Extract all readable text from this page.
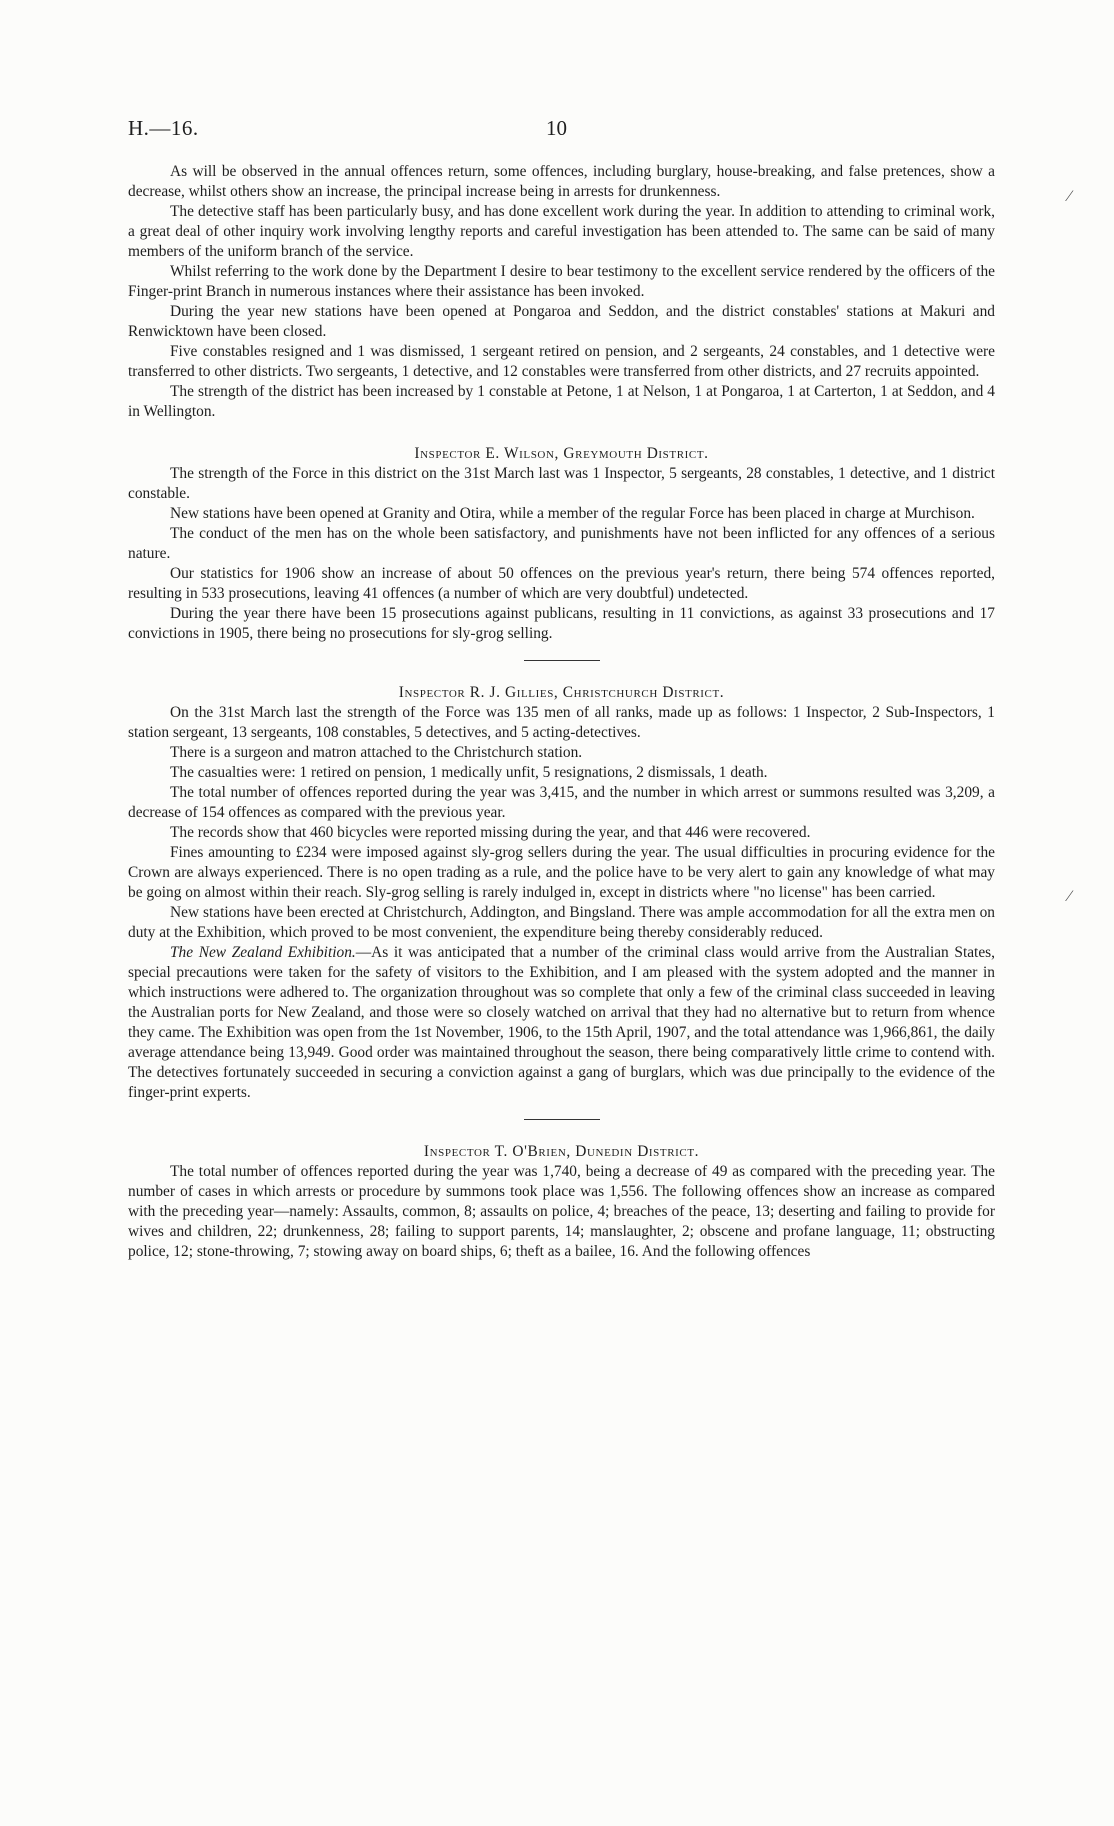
H.—16.	10

As will be observed in the annual offences return, some offences, including burglary, house-breaking, and false pretences, show a decrease, whilst others show an increase, the principal increase being in arrests for drunkenness.

The detective staff has been particularly busy, and has done excellent work during the year. In addition to attending to criminal work, a great deal of other inquiry work involving lengthy reports and careful investigation has been attended to. The same can be said of many members of the uniform branch of the service.

Whilst referring to the work done by the Department I desire to bear testimony to the excellent service rendered by the officers of the Finger-print Branch in numerous instances where their assistance has been invoked.

During the year new stations have been opened at Pongaroa and Seddon, and the district constables' stations at Makuri and Renwicktown have been closed.

Five constables resigned and 1 was dismissed, 1 sergeant retired on pension, and 2 sergeants, 24 constables, and 1 detective were transferred to other districts. Two sergeants, 1 detective, and 12 constables were transferred from other districts, and 27 recruits appointed.

The strength of the district has been increased by 1 constable at Petone, 1 at Nelson, 1 at Pongaroa, 1 at Carterton, 1 at Seddon, and 4 in Wellington.

Inspector E. Wilson, Greymouth District.

The strength of the Force in this district on the 31st March last was 1 Inspector, 5 sergeants, 28 constables, 1 detective, and 1 district constable.

New stations have been opened at Granity and Otira, while a member of the regular Force has been placed in charge at Murchison.

The conduct of the men has on the whole been satisfactory, and punishments have not been inflicted for any offences of a serious nature.

Our statistics for 1906 show an increase of about 50 offences on the previous year's return, there being 574 offences reported, resulting in 533 prosecutions, leaving 41 offences (a number of which are very doubtful) undetected.

During the year there have been 15 prosecutions against publicans, resulting in 11 convictions, as against 33 prosecutions and 17 convictions in 1905, there being no prosecutions for sly-grog selling.

Inspector R. J. Gillies, Christchurch District.

On the 31st March last the strength of the Force was 135 men of all ranks, made up as follows: 1 Inspector, 2 Sub-Inspectors, 1 station sergeant, 13 sergeants, 108 constables, 5 detectives, and 5 acting-detectives.

There is a surgeon and matron attached to the Christchurch station.

The casualties were: 1 retired on pension, 1 medically unfit, 5 resignations, 2 dismissals, 1 death.

The total number of offences reported during the year was 3,415, and the number in which arrest or summons resulted was 3,209, a decrease of 154 offences as compared with the previous year.

The records show that 460 bicycles were reported missing during the year, and that 446 were recovered.

Fines amounting to £234 were imposed against sly-grog sellers during the year. The usual difficulties in procuring evidence for the Crown are always experienced. There is no open trading as a rule, and the police have to be very alert to gain any knowledge of what may be going on almost within their reach. Sly-grog selling is rarely indulged in, except in districts where "no license" has been carried.

New stations have been erected at Christchurch, Addington, and Bingsland. There was ample accommodation for all the extra men on duty at the Exhibition, which proved to be most convenient, the expenditure being thereby considerably reduced.

The New Zealand Exhibition.—As it was anticipated that a number of the criminal class would arrive from the Australian States, special precautions were taken for the safety of visitors to the Exhibition, and I am pleased with the system adopted and the manner in which instructions were adhered to. The organization throughout was so complete that only a few of the criminal class succeeded in leaving the Australian ports for New Zealand, and those were so closely watched on arrival that they had no alternative but to return from whence they came. The Exhibition was open from the 1st November, 1906, to the 15th April, 1907, and the total attendance was 1,966,861, the daily average attendance being 13,949. Good order was maintained throughout the season, there being comparatively little crime to contend with. The detectives fortunately succeeded in securing a conviction against a gang of burglars, which was due principally to the evidence of the finger-print experts.

Inspector T. O'Brien, Dunedin District.

The total number of offences reported during the year was 1,740, being a decrease of 49 as compared with the preceding year. The number of cases in which arrests or procedure by summons took place was 1,556. The following offences show an increase as compared with the preceding year—namely: Assaults, common, 8; assaults on police, 4; breaches of the peace, 13; deserting and failing to provide for wives and children, 22; drunkenness, 28; failing to support parents, 14; manslaughter, 2; obscene and profane language, 11; obstructing police, 12; stone-throwing, 7; stowing away on board ships, 6; theft as a bailee, 16. And the following offences

⁄
⁄
